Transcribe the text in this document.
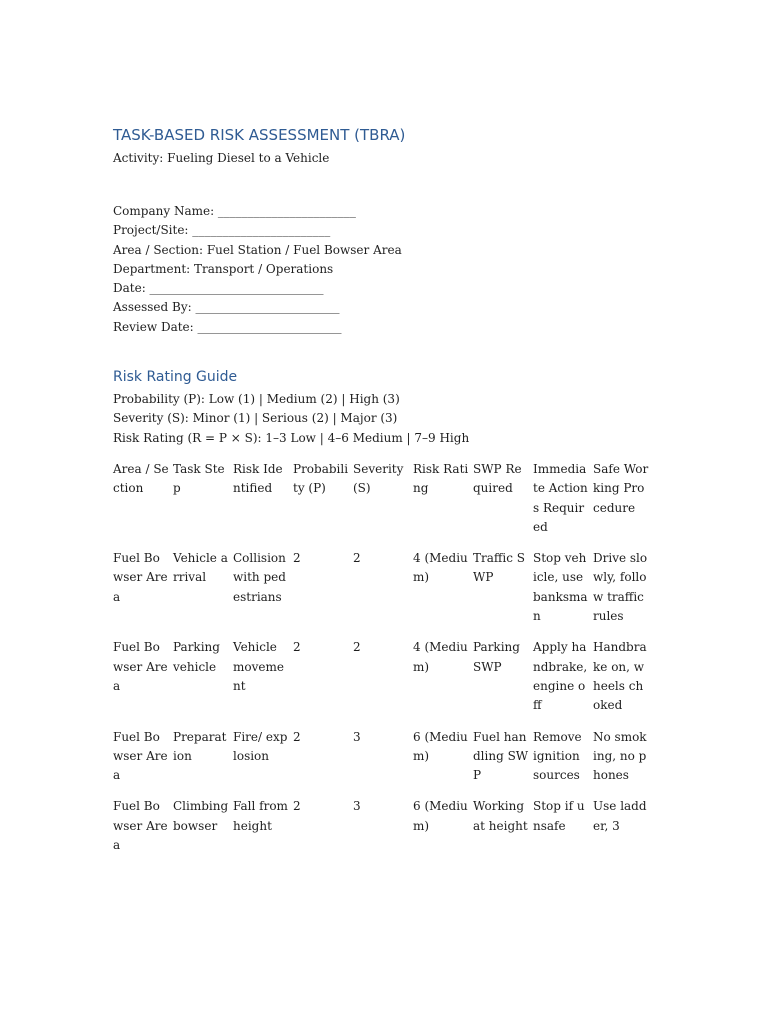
TASK-BASED RISK ASSESSMENT (TBRA)
Activity: Fueling Diesel to a Vehicle
Company Name: _______________________
Project/Site: _______________________
Area / Section: Fuel Station / Fuel Bowser Area
Department: Transport / Operations
Date: _____________________________
Assessed By: ________________________
Review Date: ________________________
Risk Rating Guide
Probability (P): Low (1) | Medium (2) | High (3)
Severity (S): Minor (1) | Serious (2) | Major (3)
Risk Rating (R = P × S): 1–3 Low | 4–6 Medium | 7–9 High
Area / Section	Task Step	Risk Identified	Probability (P)	Severity (S)	Risk Rating	SWP Required	Immediate Actions Required	Safe Working Procedure
Fuel Bowser Area	Vehicle arrival	Collision with pedestrians	2	2	4 (Medium)	Traffic SWP	Stop vehicle, use banksman	Drive slowly, follow traffic rules
Fuel Bowser Area	Parking vehicle	Vehicle movement	2	2	4 (Medium)	Parking SWP	Apply handbrake, engine off	Handbrake on, wheels choked
Fuel Bowser Area	Preparation	Fire/ explosion	2	3	6 (Medium)	Fuel handling SWP	Remove ignition sources	No smoking, no phones
Fuel Bowser Area	Climbing bowser	Fall from height	2	3	6 (Medium)	Working at height	Stop if unsafe	Use ladder, 3
